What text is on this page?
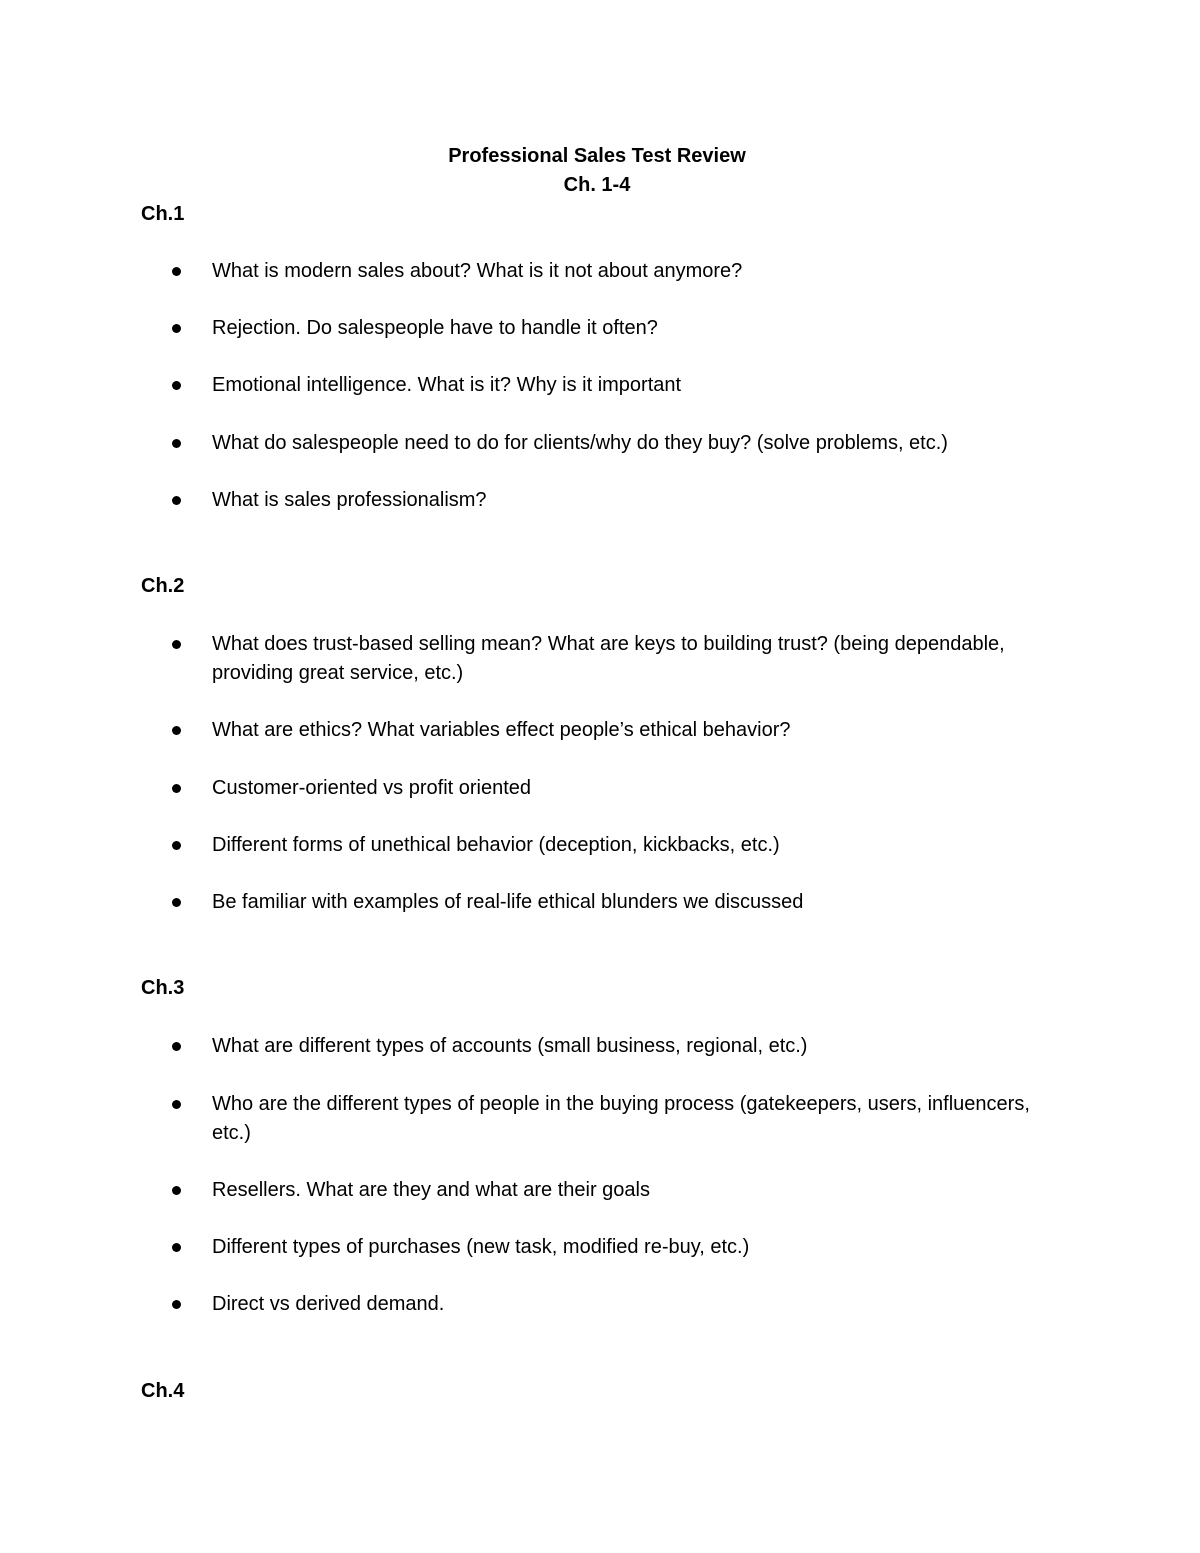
Professional Sales Test Review
Ch. 1-4
Ch.1
What is modern sales about? What is it not about anymore?
Rejection. Do salespeople have to handle it often?
Emotional intelligence. What is it? Why is it important
What do salespeople need to do for clients/why do they buy? (solve problems, etc.)
What is sales professionalism?
Ch.2
What does trust-based selling mean? What are keys to building trust? (being dependable, providing great service, etc.)
What are ethics? What variables effect people’s ethical behavior?
Customer-oriented vs profit oriented
Different forms of unethical behavior (deception, kickbacks, etc.)
Be familiar with examples of real-life ethical blunders we discussed
Ch.3
What are different types of accounts (small business, regional, etc.)
Who are the different types of people in the buying process (gatekeepers, users, influencers, etc.)
Resellers. What are they and what are their goals
Different types of purchases (new task, modified re-buy, etc.)
Direct vs derived demand.
Ch.4
